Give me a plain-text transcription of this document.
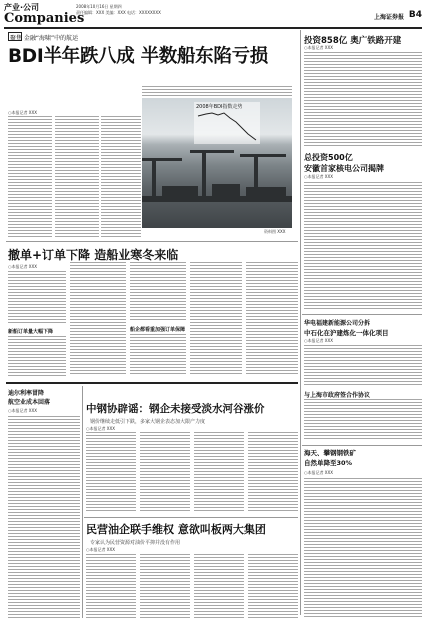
产业·公司
Companies
2008年10月16日 星期四
责任编辑：XXX 美编：XXX 电话：XXXXXXXX
上海证券报 B4
聚焦 金融“海啸”中的航运
BDI半年跌八成 半数船东陷亏损
○本报记者 XXX
2008年BDI指数走势
资料图 XXX
投资858亿 奥广铁路开建
○本报记者 XXX
总投资500亿
安徽首家核电公司揭牌
○本报记者 XXX
撤单+订单下降 造船业寒冬来临
○本报记者 XXX
新船订单量大幅下降	船企都看重加强订单保障
华电福建新能源公司分拆
中石化在沪建炼化一体化项目
○本报记者 XXX
与上海市政府签合作协议
海天、攀钢钢铁矿
自然单降至30%
○本报记者 XXX
迪尔利率冒降
航空业成本回落
○本报记者 XXX	中钢协辟谣：钢企未接受淡水河谷涨价
钢价继续走低引下跌，多家大钢企表态加大限产力度
○本报记者 XXX
民营油企联手维权 意欲叫板两大集团
专家认为民营资源对油价平抑并没有作用
○本报记者 XXX
